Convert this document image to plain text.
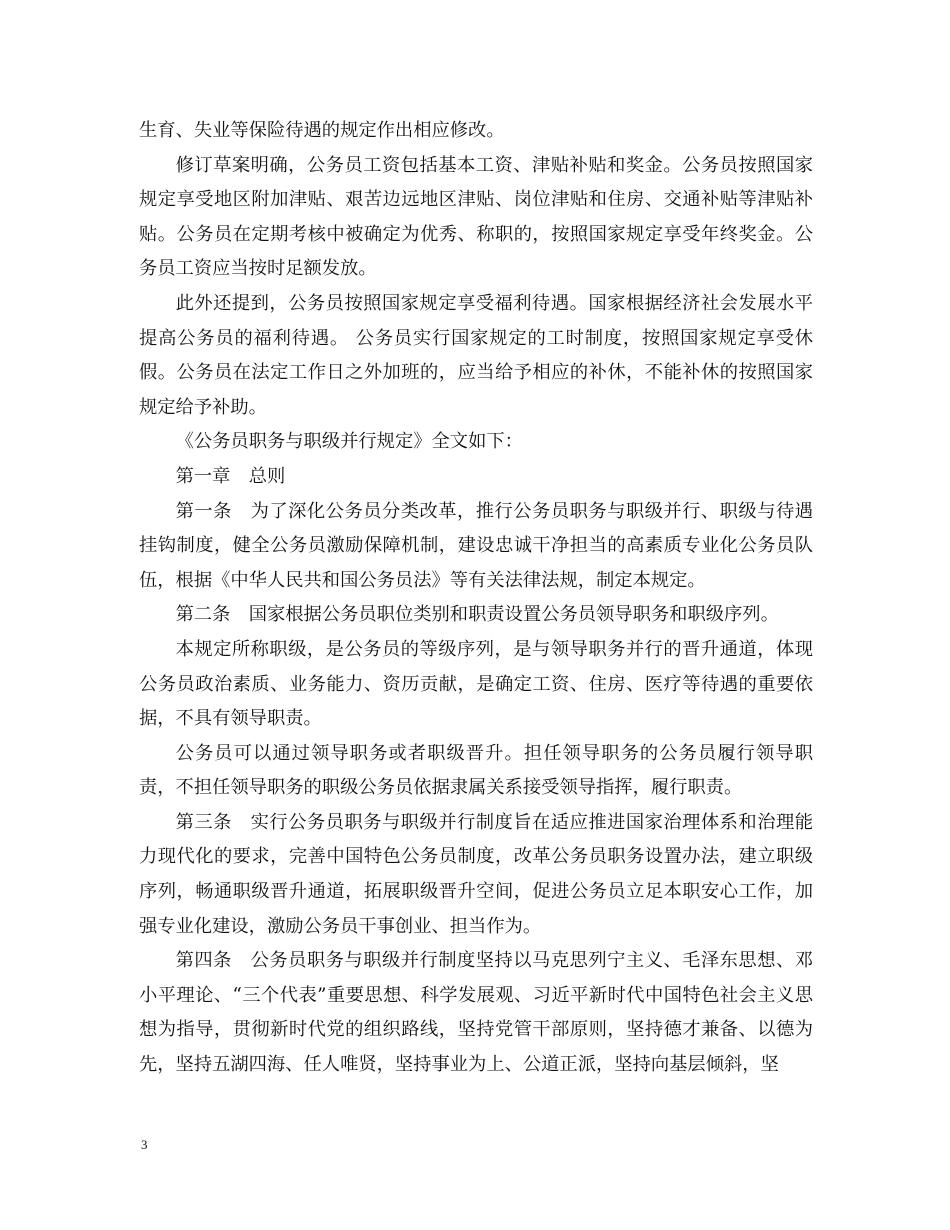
生育、失业等保险待遇的规定作出相应修改。

修订草案明确，公务员工资包括基本工资、津贴补贴和奖金。公务员按照国家规定享受地区附加津贴、艰苦边远地区津贴、岗位津贴和住房、交通补贴等津贴补贴。公务员在定期考核中被确定为优秀、称职的，按照国家规定享受年终奖金。公务员工资应当按时足额发放。

此外还提到，公务员按照国家规定享受福利待遇。国家根据经济社会发展水平提高公务员的福利待遇。 公务员实行国家规定的工时制度，按照国家规定享受休假。公务员在法定工作日之外加班的，应当给予相应的补休，不能补休的按照国家规定给予补助。

《公务员职务与职级并行规定》全文如下：

第一章　总则

第一条　为了深化公务员分类改革，推行公务员职务与职级并行、职级与待遇挂钩制度，健全公务员激励保障机制，建设忠诚干净担当的高素质专业化公务员队伍，根据《中华人民共和国公务员法》等有关法律法规，制定本规定。

第二条　国家根据公务员职位类别和职责设置公务员领导职务和职级序列。

本规定所称职级，是公务员的等级序列，是与领导职务并行的晋升通道，体现公务员政治素质、业务能力、资历贡献，是确定工资、住房、医疗等待遇的重要依据，不具有领导职责。

公务员可以通过领导职务或者职级晋升。担任领导职务的公务员履行领导职责，不担任领导职务的职级公务员依据隶属关系接受领导指挥，履行职责。

第三条　实行公务员职务与职级并行制度旨在适应推进国家治理体系和治理能力现代化的要求，完善中国特色公务员制度，改革公务员职务设置办法，建立职级序列，畅通职级晋升通道，拓展职级晋升空间，促进公务员立足本职安心工作，加强专业化建设，激励公务员干事创业、担当作为。

第四条　公务员职务与职级并行制度坚持以马克思列宁主义、毛泽东思想、邓小平理论、“三个代表”重要思想、科学发展观、习近平新时代中国特色社会主义思想为指导，贯彻新时代党的组织路线，坚持党管干部原则，坚持德才兼备、以德为先，坚持五湖四海、任人唯贤，坚持事业为上、公道正派，坚持向基层倾斜，坚

3
